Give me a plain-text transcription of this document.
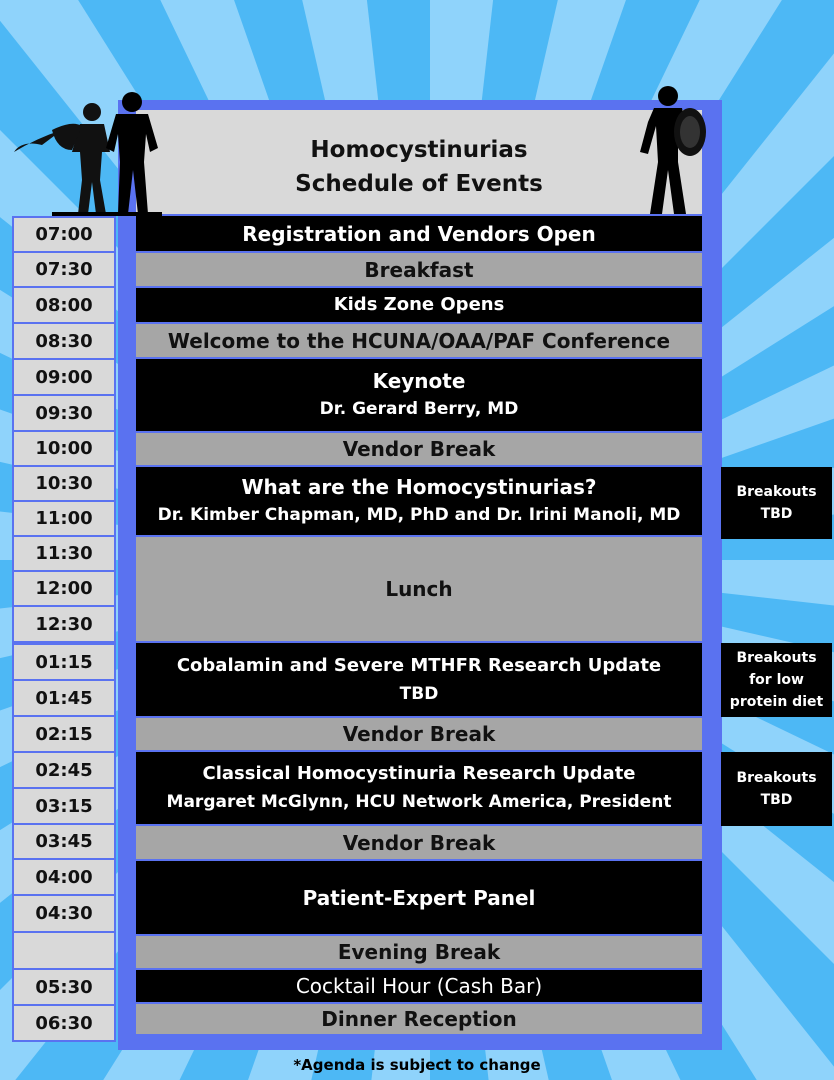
Homocystinurias
Schedule of Events
07:00
07:30
08:00
08:30
09:00
09:30
10:00
10:30
11:00
11:30
12:00
12:30
01:15
01:45
02:15
02:45
03:15
03:45
04:00
04:30
05:30
06:30
Registration and Vendors Open
Breakfast
Kids Zone Opens
Welcome to the HCUNA/OAA/PAF Conference
Keynote
Dr. Gerard Berry, MD
Vendor Break
What are the Homocystinurias?
Dr. Kimber Chapman, MD, PhD and Dr. Irini Manoli, MD
Lunch
Cobalamin and Severe MTHFR Research Update
TBD
Vendor Break
Classical Homocystinuria Research Update
Margaret McGlynn, HCU Network America, President
Vendor Break
Patient-Expert Panel
Evening Break
Cocktail Hour (Cash Bar)
Dinner Reception
Breakouts
TBD
Breakouts
for low
protein diet
Breakouts
TBD
*Agenda is subject to change
